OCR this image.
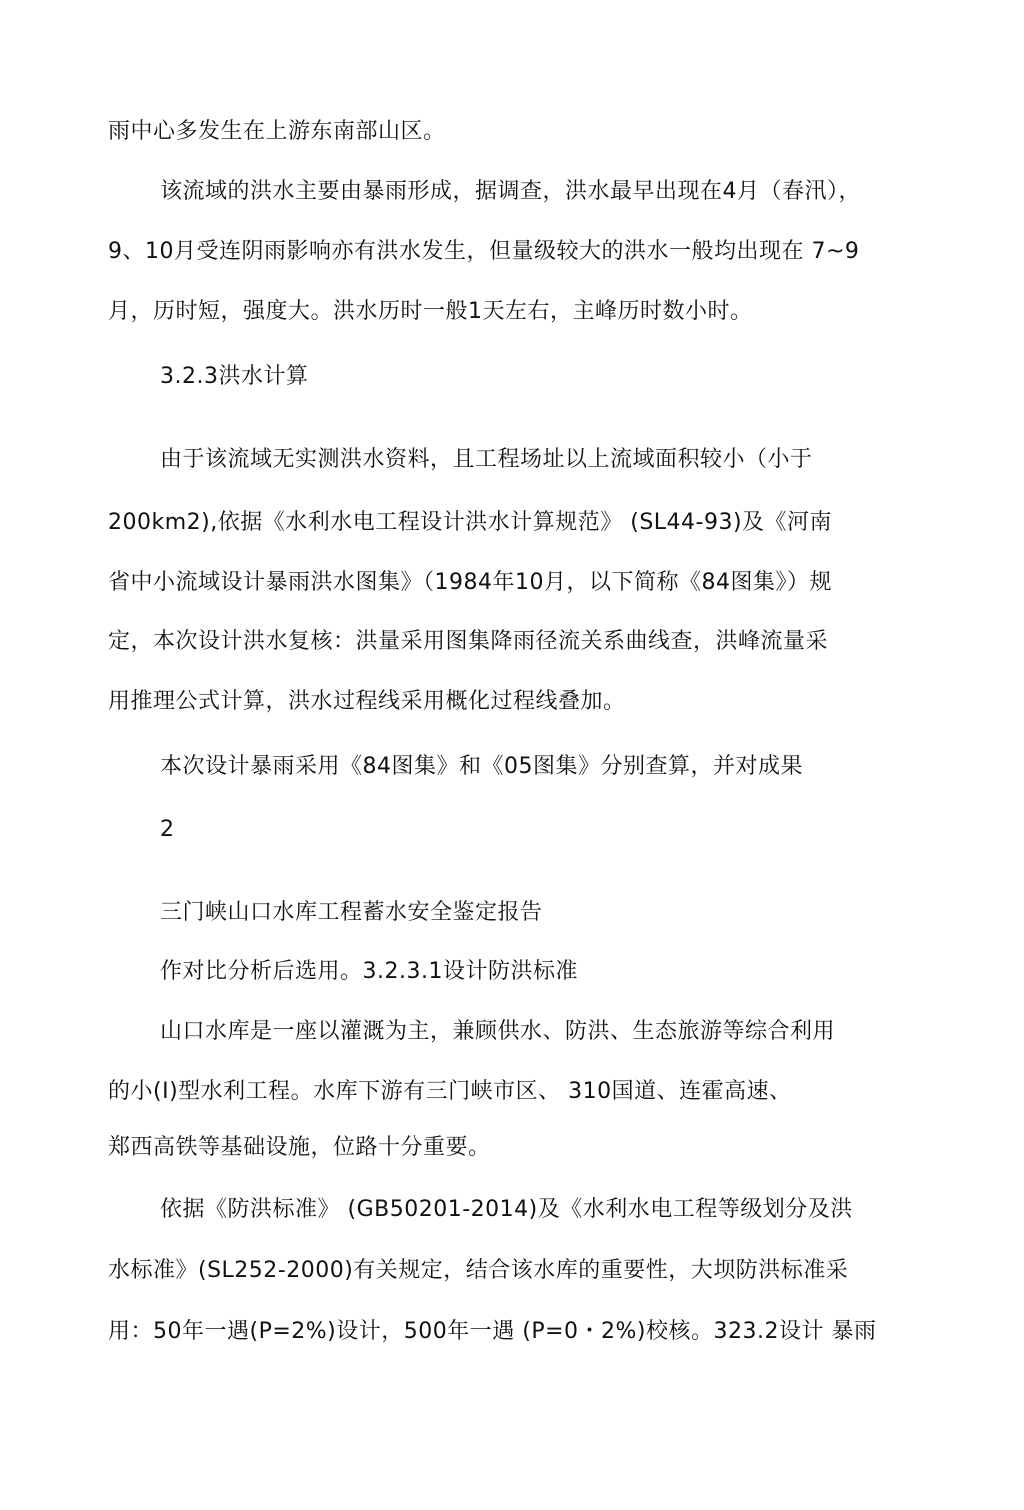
雨中心多发生在上游东南部山区。
该流域的洪水主要由暴雨形成，据调查，洪水最早出现在4月（春汛），
9、10月受连阴雨影响亦有洪水发生，但量级较大的洪水一般均出现在 7~9
月，历时短，强度大。洪水历时一般1天左右，主峰历时数小时。
3.2.3洪水计算
由于该流域无实测洪水资料，且工程场址以上流域面积较小（小于
200km2),依据《水利水电工程设计洪水计算规范》 (SL44-93)及《河南
省中小流域设计暴雨洪水图集》（1984年10月，以下简称《84图集》）规
定，本次设计洪水复核：洪量采用图集降雨径流关系曲线查，洪峰流量采
用推理公式计算，洪水过程线采用概化过程线叠加。
本次设计暴雨采用《84图集》和《05图集》分别查算，并对成果
2
三门峡山口水库工程蓄水安全鉴定报告
作对比分析后选用。3.2.3.1设计防洪标准
山口水库是一座以灌溉为主，兼顾供水、防洪、生态旅游等综合利用
的小(I)型水利工程。水库下游有三门峡市区、 310国道、连霍高速、
郑西高铁等基础设施，位路十分重要。
依据《防洪标准》 (GB50201-2014)及《水利水电工程等级划分及洪
水标准》(SL252-2000)有关规定，结合该水库的重要性，大坝防洪标准采
用：50年一遇(P=2%)设计，500年一遇 (P=0・2%)校核。323.2设计 暴雨
